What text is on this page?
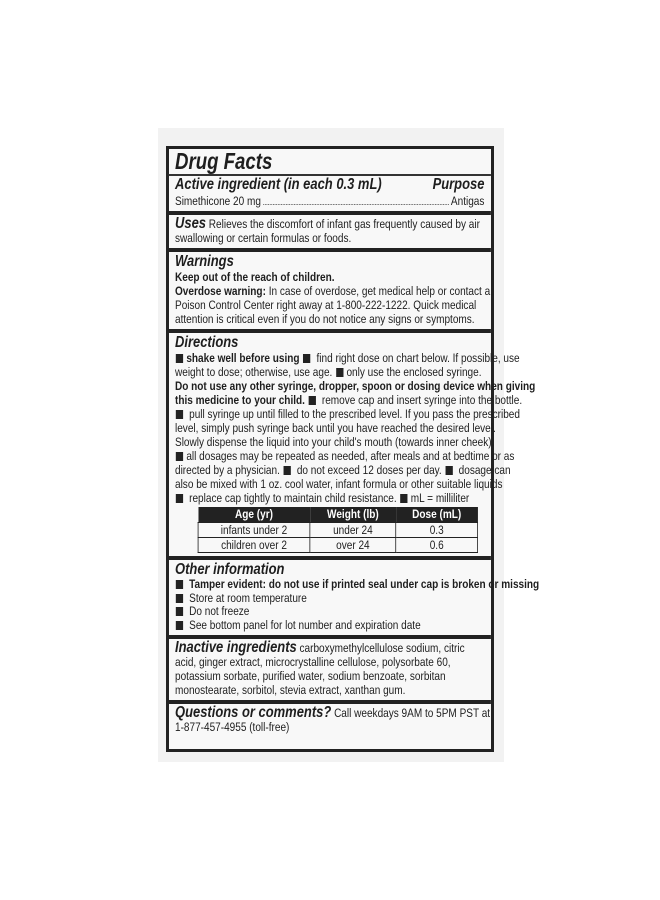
Drug Facts
Active ingredient (in each 0.3 mL)	Purpose
Simethicone 20 mg	Antigas
Uses Relieves the discomfort of infant gas frequently caused by air
swallowing or certain formulas or foods.
Warnings
Keep out of the reach of children.
Overdose warning: In case of overdose, get medical help or contact a
Poison Control Center right away at 1-800-222-1222. Quick medical
attention is critical even if you do not notice any signs or symptoms.
Directions
shake well before using find right dose on chart below. If possible, use
weight to dose; otherwise, use age. only use the enclosed syringe.
Do not use any other syringe, dropper, spoon or dosing device when giving
this medicine to your child. remove cap and insert syringe into the bottle.
pull syringe up until filled to the prescribed level. If you pass the prescribed
level, simply push syringe back until you have reached the desired level.
Slowly dispense the liquid into your child's mouth (towards inner cheek).
all dosages may be repeated as needed, after meals and at bedtime or as
directed by a physician. do not exceed 12 doses per day. dosage can
also be mixed with 1 oz. cool water, infant formula or other suitable liquids
replace cap tightly to maintain child resistance. mL = milliliter
Age (yr)	Weight (lb)	Dose (mL)
infants under 2	under 24	0.3
children over 2	over 24	0.6
Other information
Tamper evident: do not use if printed seal under cap is broken or missing
Store at room temperature
Do not freeze
See bottom panel for lot number and expiration date
Inactive ingredients carboxymethylcellulose sodium, citric
acid, ginger extract, microcrystalline cellulose, polysorbate 60,
potassium sorbate, purified water, sodium benzoate, sorbitan
monostearate, sorbitol, stevia extract, xanthan gum.
Questions or comments? Call weekdays 9AM to 5PM PST at
1-877-457-4955 (toll-free)
